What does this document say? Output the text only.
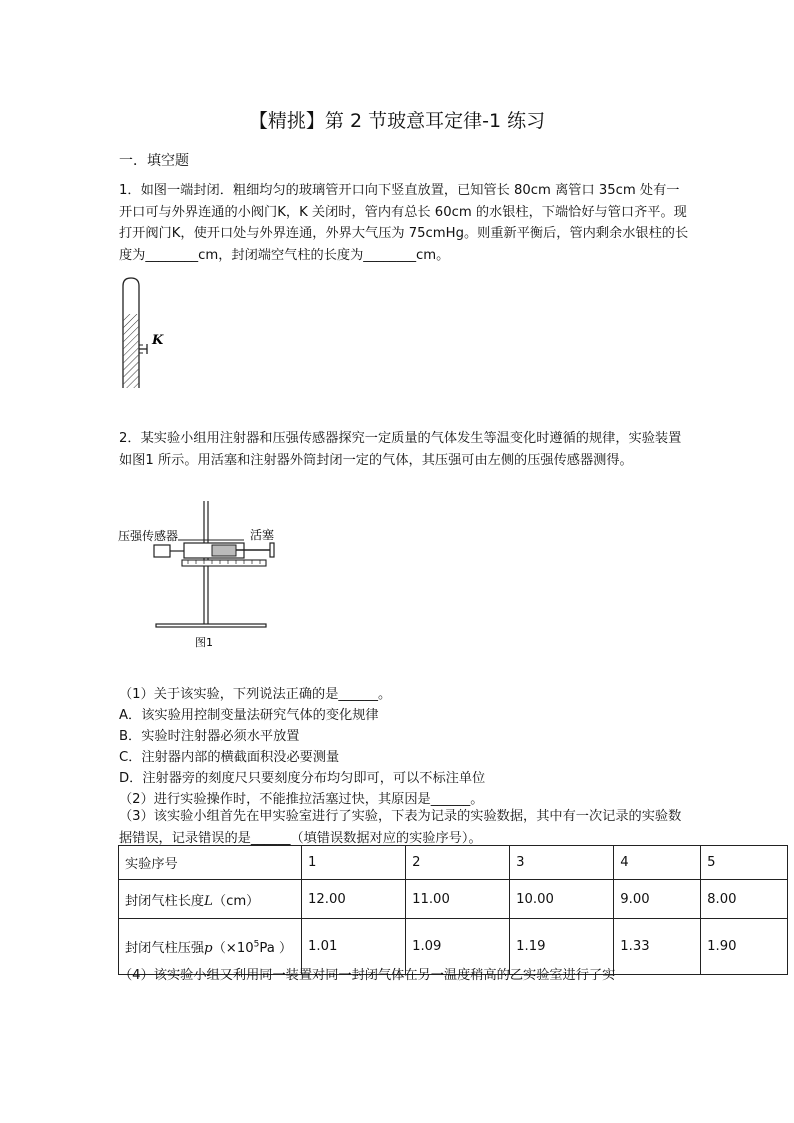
【精挑】第 2 节玻意耳定律-1 练习
一．填空题
1．如图一端封闭．粗细均匀的玻璃管开口向下竖直放置，已知管长 80cm 离管口 35cm 处有一开口可与外界连通的小阀门K，K 关闭时，管内有总长 60cm 的水银柱，下端恰好与管口齐平。现打开阀门K，使开口处与外界连通，外界大气压为 75cmHg。则重新平衡后，管内剩余水银柱的长度为________cm，封闭端空气柱的长度为________cm。
K
2．某实验小组用注射器和压强传感器探究一定质量的气体发生等温变化时遵循的规律，实验装置如图1 所示。用活塞和注射器外筒封闭一定的气体，其压强可由左侧的压强传感器测得。
压强传感器	活塞
图1
（1）关于该实验，下列说法正确的是______。
A．该实验用控制变量法研究气体的变化规律
B．实验时注射器必须水平放置
C．注射器内部的横截面积没必要测量
D．注射器旁的刻度尺只要刻度分布均匀即可，可以不标注单位
（2）进行实验操作时，不能推拉活塞过快，其原因是______。
（3）该实验小组首先在甲实验室进行了实验，下表为记录的实验数据，其中有一次记录的实验数据错误，记录错误的是______（填错误数据对应的实验序号）。
实验序号	1	2	3	4	5
封闭气柱长度L（cm）	12.00	11.00	10.00	9.00	8.00
封闭气柱压强$p(\times 10^5Pa$ ）	1.01	1.09	1.19	1.33	1.90
（4）该实验小组又利用同一装置对同一封闭气体在另一温度稍高的乙实验室进行了实
